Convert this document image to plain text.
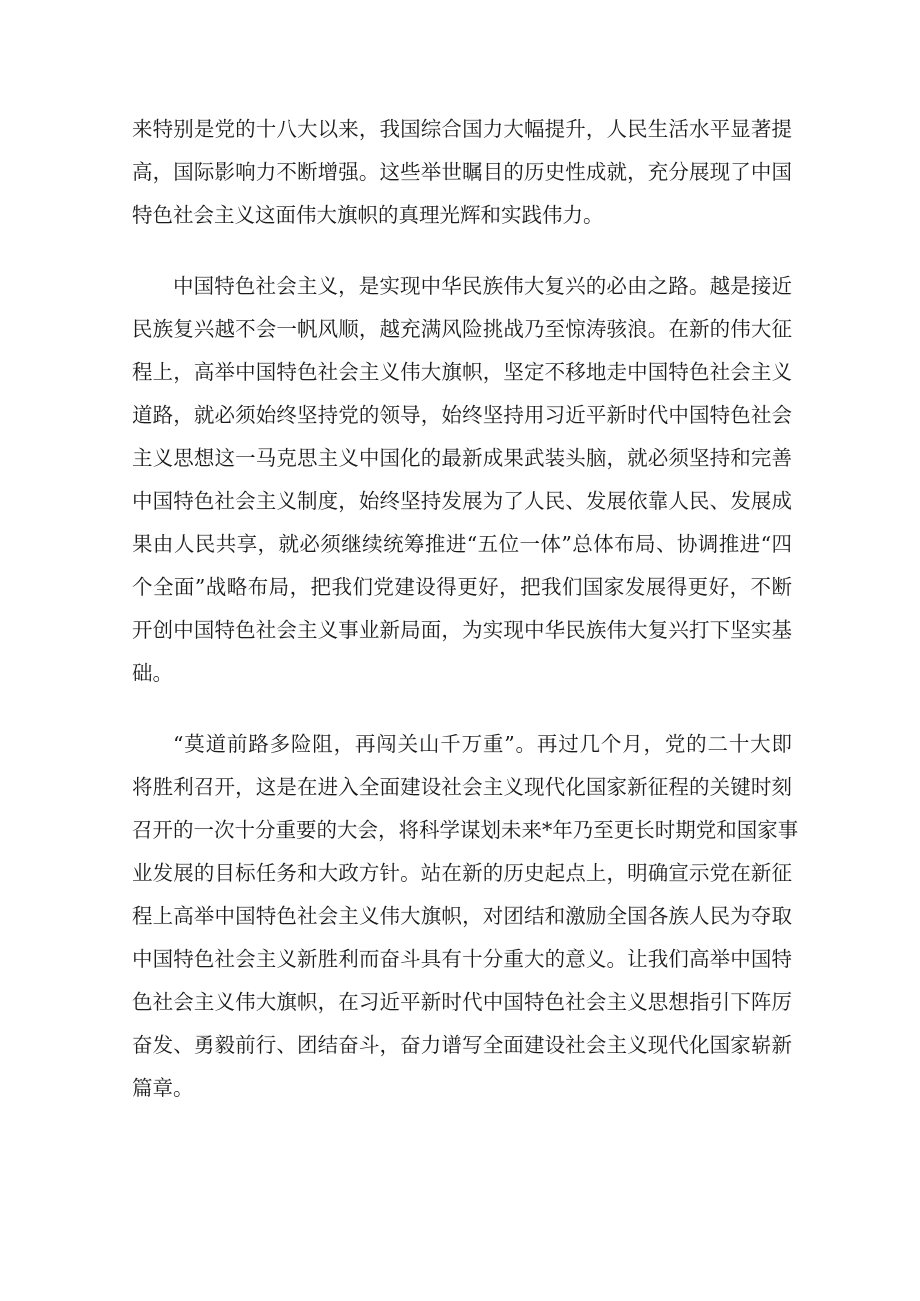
来特别是党的十八大以来，我国综合国力大幅提升，人民生活水平显著提
高，国际影响力不断增强。这些举世瞩目的历史性成就，充分展现了中国
特色社会主义这面伟大旗帜的真理光辉和实践伟力。
中国特色社会主义，是实现中华民族伟大复兴的必由之路。越是接近
民族复兴越不会一帆风顺，越充满风险挑战乃至惊涛骇浪。在新的伟大征
程上，高举中国特色社会主义伟大旗帜，坚定不移地走中国特色社会主义
道路，就必须始终坚持党的领导，始终坚持用习近平新时代中国特色社会
主义思想这一马克思主义中国化的最新成果武装头脑，就必须坚持和完善
中国特色社会主义制度，始终坚持发展为了人民、发展依靠人民、发展成
果由人民共享，就必须继续统筹推进“五位一体”总体布局、协调推进“四
个全面”战略布局，把我们党建设得更好，把我们国家发展得更好，不断
开创中国特色社会主义事业新局面，为实现中华民族伟大复兴打下坚实基
础。
“莫道前路多险阻，再闯关山千万重”。再过几个月，党的二十大即
将胜利召开，这是在进入全面建设社会主义现代化国家新征程的关键时刻
召开的一次十分重要的大会，将科学谋划未来*年乃至更长时期党和国家事
业发展的目标任务和大政方针。站在新的历史起点上，明确宣示党在新征
程上高举中国特色社会主义伟大旗帜，对团结和激励全国各族人民为夺取
中国特色社会主义新胜利而奋斗具有十分重大的意义。让我们高举中国特
色社会主义伟大旗帜，在习近平新时代中国特色社会主义思想指引下阵厉
奋发、勇毅前行、团结奋斗，奋力谱写全面建设社会主义现代化国家崭新
篇章。
